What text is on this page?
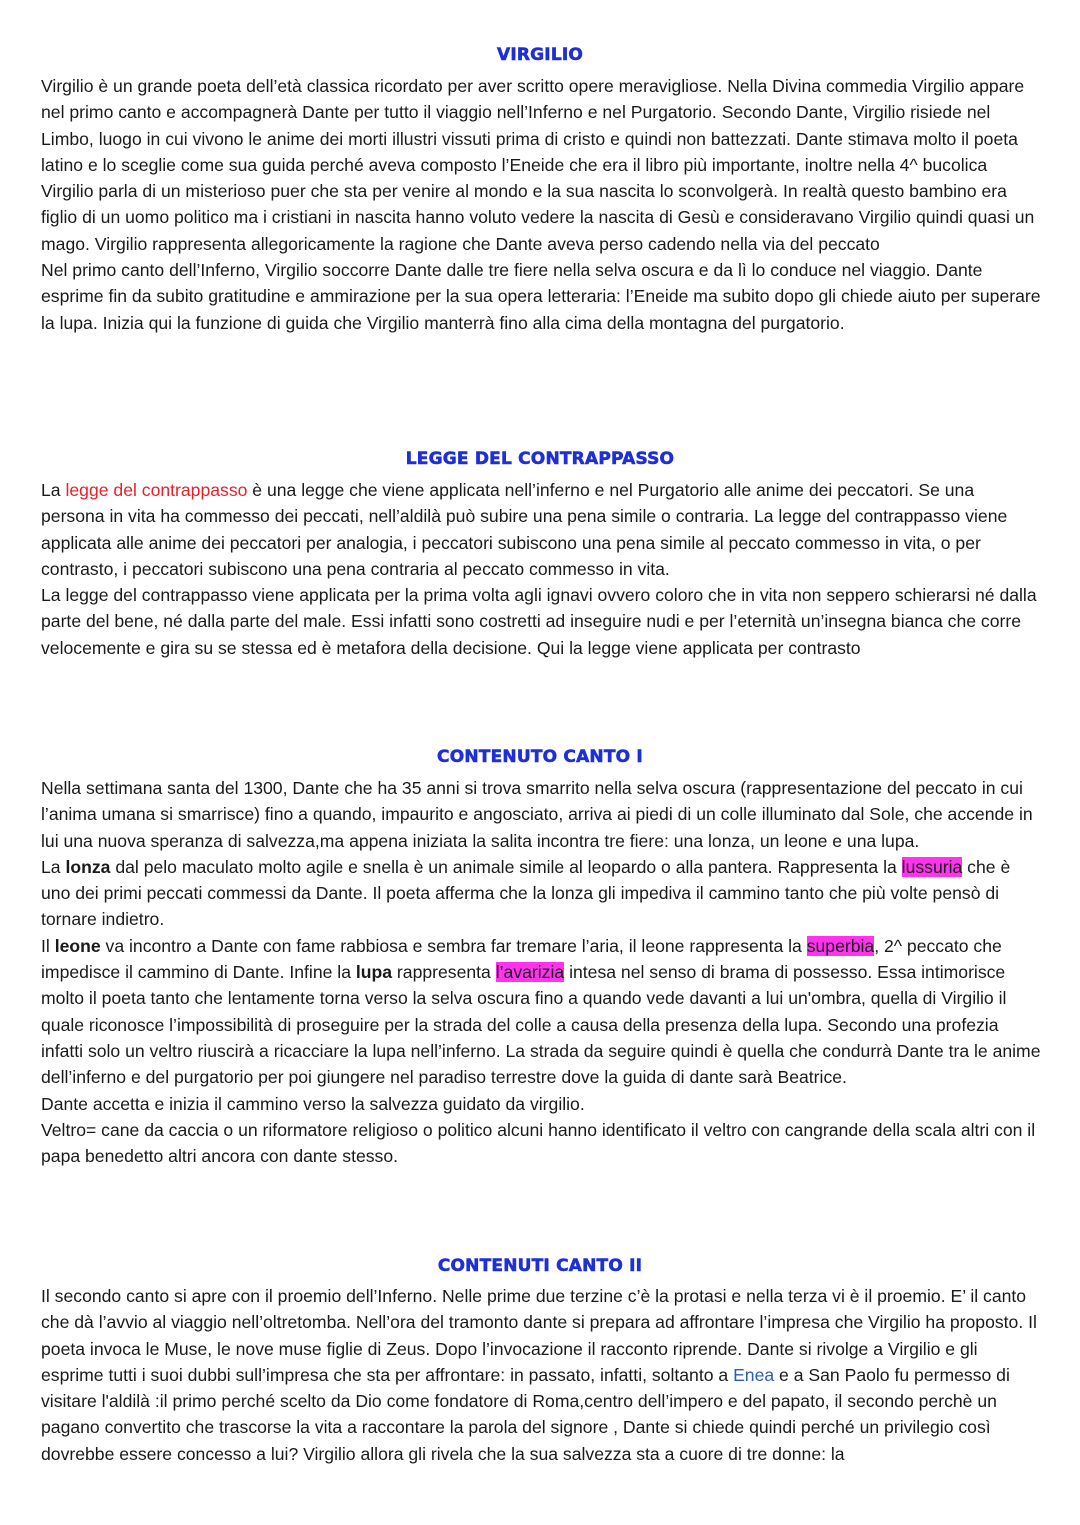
VIRGILIO

Virgilio è un grande poeta dell’età classica ricordato per aver scritto opere meravigliose. Nella Divina commedia Virgilio appare nel primo canto e accompagnerà Dante per tutto il viaggio nell’Inferno e nel Purgatorio. Secondo Dante, Virgilio risiede nel Limbo, luogo in cui vivono le anime dei morti illustri vissuti prima di cristo e quindi non battezzati. Dante stimava molto il poeta latino e lo sceglie come sua guida perché aveva composto l’Eneide che era il libro più importante, inoltre nella 4^ bucolica Virgilio parla di un misterioso puer che sta per venire al mondo e la sua nascita lo sconvolgerà. In realtà questo bambino era figlio di un uomo politico ma i cristiani in nascita hanno voluto vedere la nascita di Gesù e consideravano Virgilio quindi quasi un mago. Virgilio rappresenta allegoricamente la ragione che Dante aveva perso cadendo nella via del peccato

Nel primo canto dell’Inferno, Virgilio soccorre Dante dalle tre fiere nella selva oscura e da lì lo conduce nel viaggio. Dante esprime fin da subito gratitudine e ammirazione per la sua opera letteraria: l’Eneide ma subito dopo gli chiede aiuto per superare la lupa. Inizia qui la funzione di guida che Virgilio manterrà fino alla cima della montagna del purgatorio.

LEGGE DEL CONTRAPPASSO

La legge del contrappasso è una legge che viene applicata nell’inferno e nel Purgatorio alle anime dei peccatori. Se una persona in vita ha commesso dei peccati, nell’aldilà può subire una pena simile o contraria. La legge del contrappasso viene applicata alle anime dei peccatori per analogia, i peccatori subiscono una pena simile al peccato commesso in vita, o per contrasto, i peccatori subiscono una pena contraria al peccato commesso in vita.

La legge del contrappasso viene applicata per la prima volta agli ignavi ovvero coloro che in vita non seppero schierarsi né dalla parte del bene, né dalla parte del male. Essi infatti sono costretti ad inseguire nudi e per l’eternità un’insegna bianca che corre velocemente e gira su se stessa ed è metafora della decisione. Qui la legge viene applicata per contrasto

CONTENUTO CANTO I

Nella settimana santa del 1300, Dante che ha 35 anni si trova smarrito nella selva oscura (rappresentazione del peccato in cui l’anima umana si smarrisce) fino a quando, impaurito e angosciato, arriva ai piedi di un colle illuminato dal Sole, che accende in lui una nuova speranza di salvezza,ma appena iniziata la salita incontra tre fiere: una lonza, un leone e una lupa.

La lonza dal pelo maculato molto agile e snella è un animale simile al leopardo o alla pantera. Rappresenta la lussuria che è uno dei primi peccati commessi da Dante. Il poeta afferma che la lonza gli impediva il cammino tanto che più volte pensò di tornare indietro.

Il leone va incontro a Dante con fame rabbiosa e sembra far tremare l’aria, il leone rappresenta la superbia, 2^ peccato che impedisce il cammino di Dante. Infine la lupa rappresenta l’avarizia intesa nel senso di brama di possesso. Essa intimorisce molto il poeta tanto che lentamente torna verso la selva oscura fino a quando vede davanti a lui un'ombra, quella di Virgilio il quale riconosce l’impossibilità di proseguire per la strada del colle a causa della presenza della lupa. Secondo una profezia infatti solo un veltro riuscirà a ricacciare la lupa nell’inferno. La strada da seguire quindi è quella che condurrà Dante tra le anime dell’inferno e del purgatorio per poi giungere nel paradiso terrestre dove la guida di dante sarà Beatrice.

Dante accetta e inizia il cammino verso la salvezza guidato da virgilio.

Veltro= cane da caccia o un riformatore religioso o politico alcuni hanno identificato il veltro con cangrande della scala altri con il papa benedetto altri ancora con dante stesso.

CONTENUTI CANTO II

Il secondo canto si apre con il proemio dell’Inferno. Nelle prime due terzine c’è la protasi e nella terza vi è il proemio. E’ il canto che dà l’avvio al viaggio nell’oltretomba. Nell’ora del tramonto dante si prepara ad affrontare l’impresa che Virgilio ha proposto. Il poeta invoca le Muse, le nove muse figlie di Zeus. Dopo l’invocazione il racconto riprende. Dante si rivolge a Virgilio e gli esprime tutti i suoi dubbi sull’impresa che sta per affrontare: in passato, infatti, soltanto a Enea e a San Paolo fu permesso di visitare l'aldilà :il primo perché scelto da Dio come fondatore di Roma,centro dell’impero e del papato, il secondo perchè un pagano convertito che trascorse la vita a raccontare la parola del signore , Dante si chiede quindi perché un privilegio così dovrebbe essere concesso a lui? Virgilio allora gli rivela che la sua salvezza sta a cuore di tre donne: la
